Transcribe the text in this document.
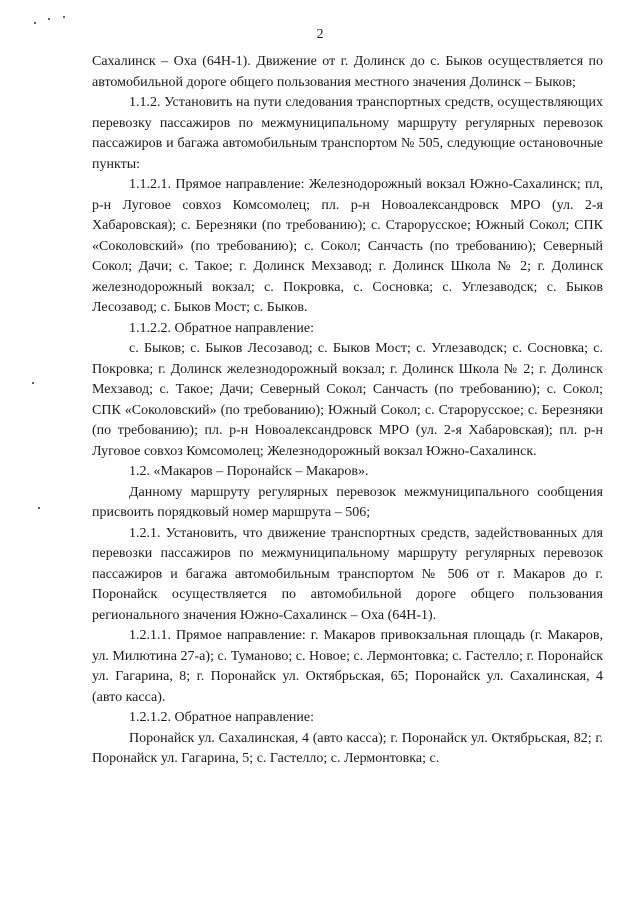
2

Сахалинск – Оха (64Н-1). Движение от г. Долинск до с. Быков осуществляется по автомобильной дороге общего пользования местного значения Долинск – Быков;

1.1.2. Установить на пути следования транспортных средств, осуществляющих перевозку пассажиров по межмуниципальному маршруту регулярных перевозок пассажиров и багажа автомобильным транспортом № 505, следующие остановочные пункты:

1.1.2.1. Прямое направление: Железнодорожный вокзал Южно-Сахалинск; пл, р-н Луговое совхоз Комсомолец; пл. р-н Новоалександровск МРО (ул. 2-я Хабаровская); с. Березняки (по требованию); с. Старорусское; Южный Сокол; СПК «Соколовский» (по требованию); с. Сокол; Санчасть (по требованию); Северный Сокол; Дачи; с. Такое; г. Долинск Мехзавод; г. Долинск Школа № 2; г. Долинск железнодорожный вокзал; с. Покровка, с. Сосновка; с. Углезаводск; с. Быков Лесозавод; с. Быков Мост; с. Быков.

1.1.2.2. Обратное направление:

с. Быков; с. Быков Лесозавод; с. Быков Мост; с. Углезаводск; с. Сосновка; с. Покровка; г. Долинск железнодорожный вокзал; г. Долинск Школа № 2; г. Долинск Мехзавод; с. Такое; Дачи; Северный Сокол; Санчасть (по требованию); с. Сокол; СПК «Соколовский» (по требованию); Южный Сокол; с. Старорусское; с. Березняки (по требованию); пл. р-н Новоалександровск МРО (ул. 2-я Хабаровская); пл. р-н Луговое совхоз Комсомолец; Железнодорожный вокзал Южно-Сахалинск.

1.2. «Макаров – Поронайск – Макаров».

Данному маршруту регулярных перевозок межмуниципального сообщения присвоить порядковый номер маршрута – 506;

1.2.1. Установить, что движение транспортных средств, задействованных для перевозки пассажиров по межмуниципальному маршруту регулярных перевозок пассажиров и багажа автомобильным транспортом № 506 от г. Макаров до г. Поронайск осуществляется по автомобильной дороге общего пользования регионального значения Южно-Сахалинск – Оха (64Н-1).

1.2.1.1. Прямое направление: г. Макаров привокзальная площадь (г. Макаров, ул. Милютина 27-а); с. Туманово; с. Новое; с. Лермонтовка; с. Гастелло; г. Поронайск ул. Гагарина, 8; г. Поронайск ул. Октябрьская, 65; Поронайск ул. Сахалинская, 4 (авто касса).

1.2.1.2. Обратное направление:

Поронайск ул. Сахалинская, 4 (авто касса); г. Поронайск ул. Октябрьская, 82; г. Поронайск ул. Гагарина, 5; с. Гастелло; с. Лермонтовка; с.
